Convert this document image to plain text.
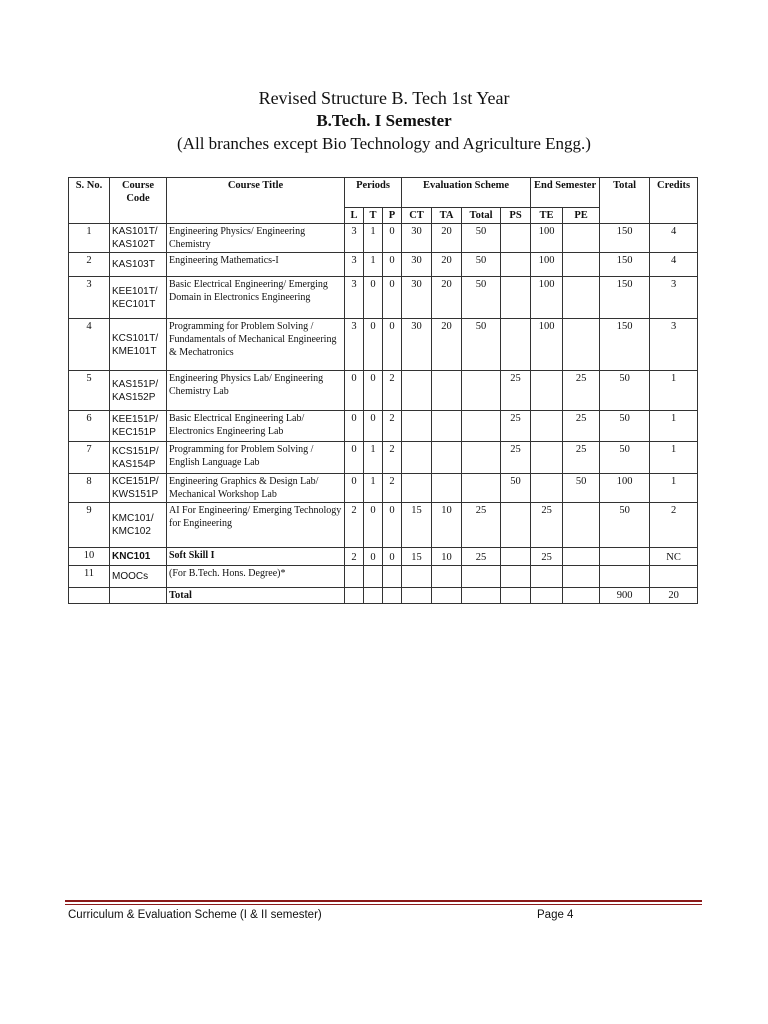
Revised Structure B. Tech 1st Year
B.Tech. I Semester
(All branches except Bio Technology and Agriculture Engg.)
S. No.	Course Code	Course Title	Periods			Evaluation Scheme				End Semester		Total	Credits
			L	T	P	CT	TA	Total	PS	TE	PE		
1	KAS101T/ KAS102T	Engineering Physics/ Engineering Chemistry	3	1	0	30	20	50		100		150	4
2	KAS103T	Engineering Mathematics-I	3	1	0	30	20	50		100		150	4
3	KEE101T/ KEC101T	Basic Electrical Engineering/ Emerging Domain in Electronics Engineering	3	0	0	30	20	50		100		150	3
4	KCS101T/ KME101T	Programming for Problem Solving / Fundamentals of Mechanical Engineering & Mechatronics	3	0	0	30	20	50		100		150	3
5	KAS151P/ KAS152P	Engineering Physics Lab/ Engineering Chemistry Lab	0	0	2				25		25	50	1
6	KEE151P/ KEC151P	Basic Electrical Engineering Lab/ Electronics Engineering Lab	0	0	2				25		25	50	1
7	KCS151P/ KAS154P	Programming for Problem Solving / English Language Lab	0	1	2				25		25	50	1
8	KCE151P/ KWS151P	Engineering Graphics & Design Lab/ Mechanical Workshop Lab	0	1	2				50		50	100	1
9	KMC101/ KMC102	AI For Engineering/ Emerging Technology for Engineering	2	0	0	15	10	25		25		50	2
10	KNC101	Soft Skill I	2	0	0	15	10	25		25			NC
11	MOOCs	(For B.Tech. Hons. Degree)*											
		Total										900	20
Curriculum & Evaluation Scheme (I & II semester)	Page 4
